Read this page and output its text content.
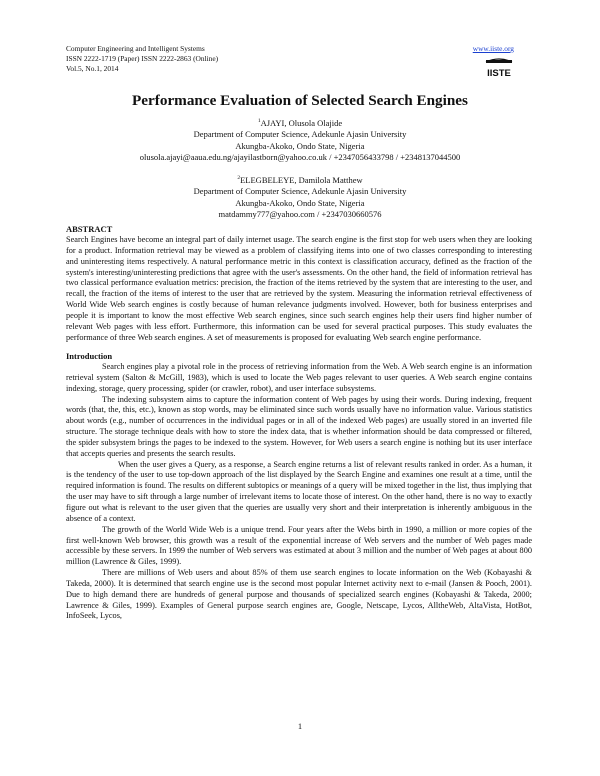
Computer Engineering and Intelligent Systems
ISSN 2222-1719 (Paper) ISSN 2222-2863 (Online)
Vol.5, No.1, 2014
www.iiste.org
IISTE
Performance Evaluation of Selected Search Engines
$^1$AJAYI, Olusola Olajide
Department of Computer Science, Adekunle Ajasin University
Akungba-Akoko, Ondo State, Nigeria
olusola.ajayi@aaua.edu.ng/ajayilastborn@yahoo.co.uk / +2347056433798 / +2348137044500
$^2$ELEGBELEYE, Damilola Matthew
Department of Computer Science, Adekunle Ajasin University
Akungba-Akoko, Ondo State, Nigeria
matdammy777@yahoo.com / +2347030660576
ABSTRACT

Search Engines have become an integral part of daily internet usage. The search engine is the first stop for web users when they are looking for a product. Information retrieval may be viewed as a problem of classifying items into one of two classes corresponding to interesting and uninteresting items respectively. A natural performance metric in this context is classification accuracy, defined as the fraction of the system's interesting/uninteresting predictions that agree with the user's assessments. On the other hand, the field of information retrieval has two classical performance evaluation metrics: precision, the fraction of the items retrieved by the system that are interesting to the user, and recall, the fraction of the items of interest to the user that are retrieved by the system. Measuring the information retrieval effectiveness of World Wide Web search engines is costly because of human relevance judgments involved. However, both for business enterprises and people it is important to know the most effective Web search engines, since such search engines help their users find higher number of relevant Web pages with less effort. Furthermore, this information can be used for several practical purposes. This study evaluates the performance of three Web search engines. A set of measurements is proposed for evaluating Web search engine performance.

Introduction

Search engines play a pivotal role in the process of retrieving information from the Web. A Web search engine is an information retrieval system (Salton & McGill, 1983), which is used to locate the Web pages relevant to user queries. A Web search engine contains indexing, storage, query processing, spider (or crawler, robot), and user interface subsystems.

The indexing subsystem aims to capture the information content of Web pages by using their words. During indexing, frequent words (that, the, this, etc.), known as stop words, may be eliminated since such words usually have no information value. Various statistics about words (e.g., number of occurrences in the individual pages or in all of the indexed Web pages) are usually stored in an inverted file structure. The storage technique deals with how to store the index data, that is whether information should be data compressed or filtered, the spider subsystem brings the pages to be indexed to the system. However, for Web users a search engine is nothing but its user interface that accepts queries and presents the search results.

When the user gives a Query, as a response, a Search engine returns a list of relevant results ranked in order. As a human, it is the tendency of the user to use top-down approach of the list displayed by the Search Engine and examines one result at a time, until the required information is found. The results on different subtopics or meanings of a query will be mixed together in the list, thus implying that the user may have to sift through a large number of irrelevant items to locate those of interest. On the other hand, there is no way to exactly figure out what is relevant to the user given that the queries are usually very short and their interpretation is inherently ambiguous in the absence of a context.

The growth of the World Wide Web is a unique trend. Four years after the Webs birth in 1990, a million or more copies of the first well-known Web browser, this growth was a result of the exponential increase of Web servers and the number of Web pages made accessible by these servers. In 1999 the number of Web servers was estimated at about 3 million and the number of Web pages at about 800 million (Lawrence & Giles, 1999).

There are millions of Web users and about 85% of them use search engines to locate information on the Web (Kobayashi & Takeda, 2000). It is determined that search engine use is the second most popular Internet activity next to e-mail (Jansen & Pooch, 2001). Due to high demand there are hundreds of general purpose and thousands of specialized search engines (Kobayashi & Takeda, 2000; Lawrence & Giles, 1999). Examples of General purpose search engines are, Google, Netscape, Lycos, AlltheWeb, AltaVista, HotBot, InfoSeek, Lycos,

1
